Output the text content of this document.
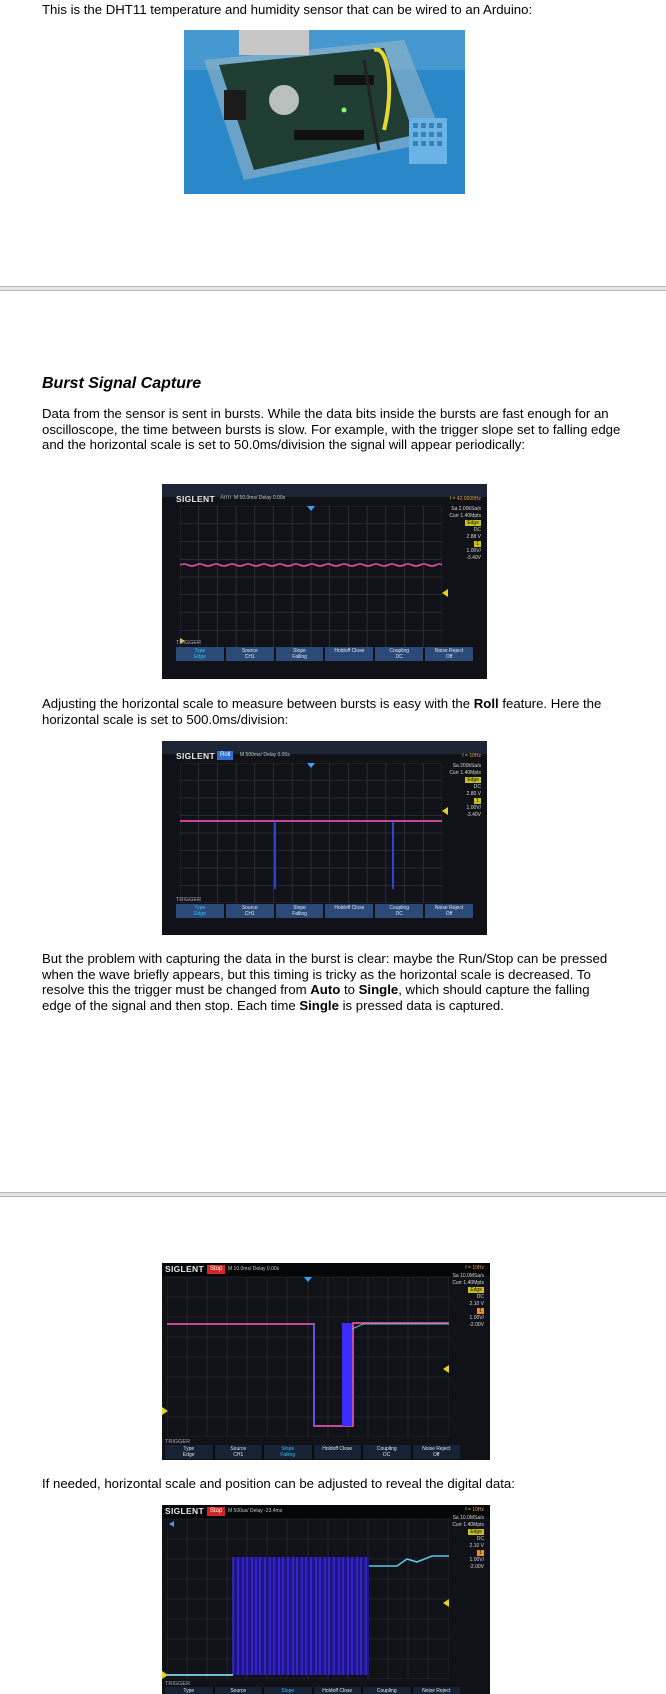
This is the DHT11 temperature and humidity sensor that can be wired to an Arduino:

Burst Signal Capture

Data from the sensor is sent in bursts. While the data bits inside the bursts are fast enough for an oscilloscope, the time between bursts is slow. For example, with the trigger slope set to falling edge and the horizontal scale is set to 50.0ms/division the signal will appear periodically:

SIGLENT Arm M 50.0ms/ Delay 0.00s	f = 42.0000Hz
Sa 2.00kSa/s
Curr 1.40Mpts
Edge
DC
2.88 V
1
1.00V/
-3.40V
TRIGGER
Type
Edge
Source
CH1
Slope
Falling
Holdoff Close	Coupling
DC
Noise Reject
Off

Adjusting the horizontal scale to measure between bursts is easy with the Roll feature. Here the horizontal scale is set to 500.0ms/division:

SIGLENT Roll	M 500ms/ Delay 0.00s	f = 10Hz
Sa 200kSa/s
Curr 1.40Mpts
Edge
DC
2.80 V
1
1.00V/
-3.40V
TRIGGER
Type
Edge
Source
CH1
Slope
Falling
Holdoff Close	Coupling
DC
Noise Reject
Off

But the problem with capturing the data in the burst is clear: maybe the Run/Stop can be pressed when the wave briefly appears, but this timing is tricky as the horizontal scale is decreased. To resolve this the trigger must be changed from Auto to Single, which should capture the falling edge of the signal and then stop. Each time Single is pressed data is captured.

SIGLENT	Stop	M 10.0ms/ Delay 0.00s	f = 10Hz
Sa 10.0MSa/s
Curr 1.40Mpts
Edge
DC
2.10 V
1
1.00V/
-2.00V
TRIGGER
Type
Edge
Source
CH1
Slope
Falling
Holdoff Close	Coupling
DC
Noise Reject
Off

If needed, horizontal scale and position can be adjusted to reveal the digital data:

SIGLENT	Stop	M 500us/ Delay -23.4ms	f = 10Hz
Sa 10.0MSa/s
Curr 1.40Mpts
Edge
DC
2.10 V
1
1.00V/
-2.00V
TRIGGER
Type	Source	Slope	Holdoff Close	Coupling	Noise Reject
